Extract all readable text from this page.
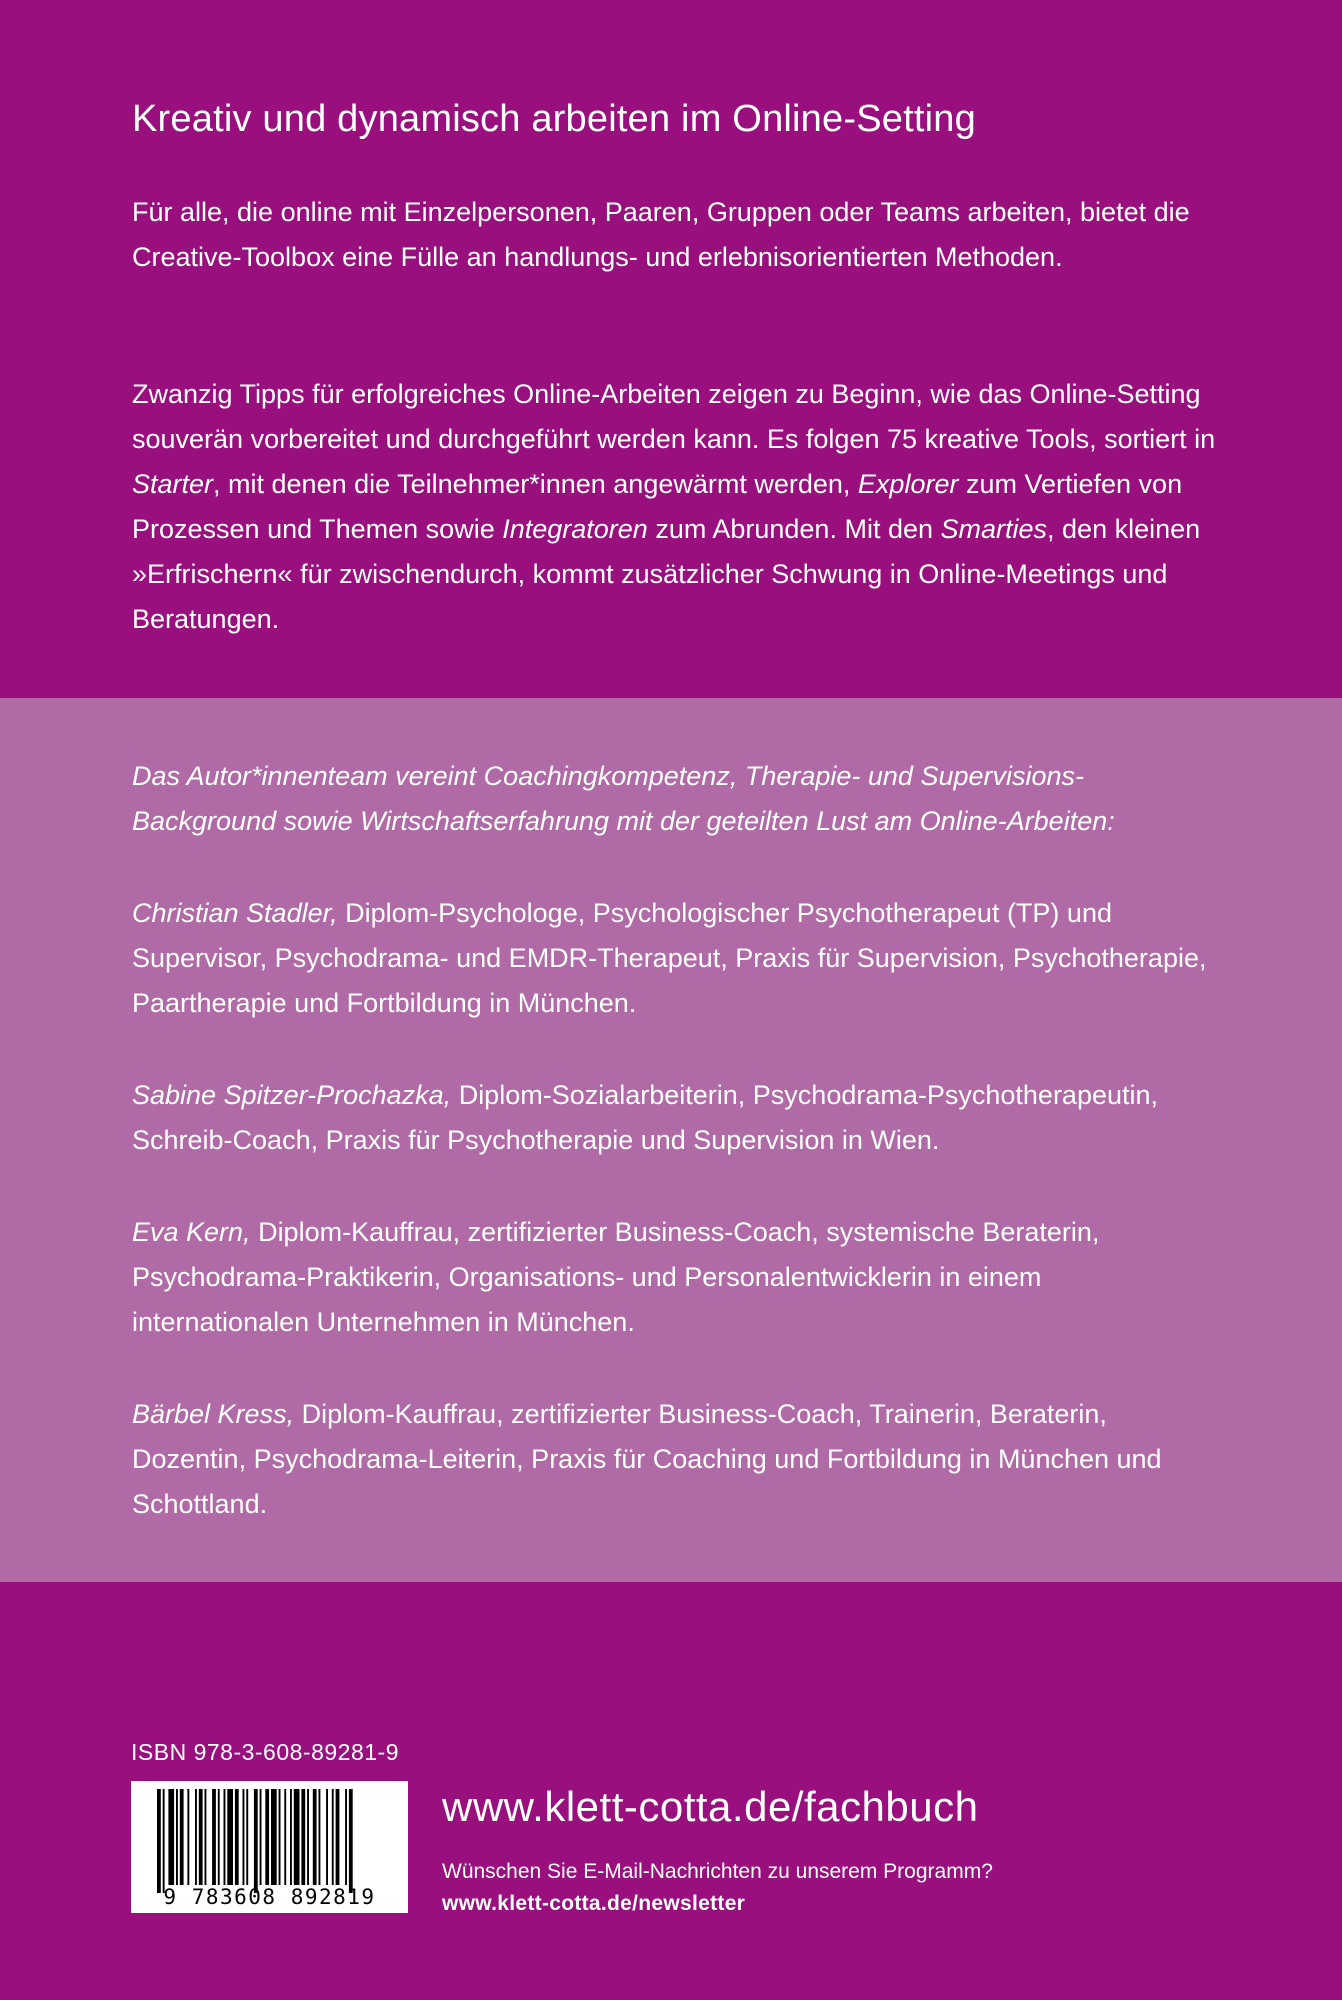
Kreativ und dynamisch arbeiten im Online-Setting

Für alle, die online mit Einzelpersonen, Paaren, Gruppen oder Teams arbeiten, bietet die Creative-Toolbox eine Fülle an handlungs- und erlebnisorientierten Methoden.

Zwanzig Tipps für erfolgreiches Online-Arbeiten zeigen zu Beginn, wie das Online-Setting souverän vorbereitet und durchgeführt werden kann. Es folgen 75 kreative Tools, sortiert in Starter, mit denen die Teilnehmer*innen angewärmt werden, Explorer zum Vertiefen von Prozessen und Themen sowie Integratoren zum Abrunden. Mit den Smarties, den kleinen »Erfrischern« für zwischendurch, kommt zusätzlicher Schwung in Online-Meetings und Beratungen.

Das Autor*innenteam vereint Coachingkompetenz, Therapie- und Supervisions-Background sowie Wirtschaftserfahrung mit der geteilten Lust am Online-Arbeiten:

Christian Stadler, Diplom-Psychologe, Psychologischer Psychotherapeut (TP) und Supervisor, Psychodrama- und EMDR-Therapeut, Praxis für Supervision, Psychotherapie, Paartherapie und Fortbildung in München.

Sabine Spitzer-Prochazka, Diplom-Sozialarbeiterin, Psychodrama-Psychotherapeutin, Schreib-Coach, Praxis für Psychotherapie und Supervision in Wien.

Eva Kern, Diplom-Kauffrau, zertifizierter Business-Coach, systemische Beraterin, Psychodrama-Praktikerin, Organisations- und Personalentwicklerin in einem internationalen Unternehmen in München.

Bärbel Kress, Diplom-Kauffrau, zertifizierter Business-Coach, Trainerin, Beraterin, Dozentin, Psychodrama-Leiterin, Praxis für Coaching und Fortbildung in München und Schottland.

ISBN 978-3-608-89281-9
9 783608 892819
www.klett-cotta.de/fachbuch
Wünschen Sie E-Mail-Nachrichten zu unserem Programm?
www.klett-cotta.de/newsletter
